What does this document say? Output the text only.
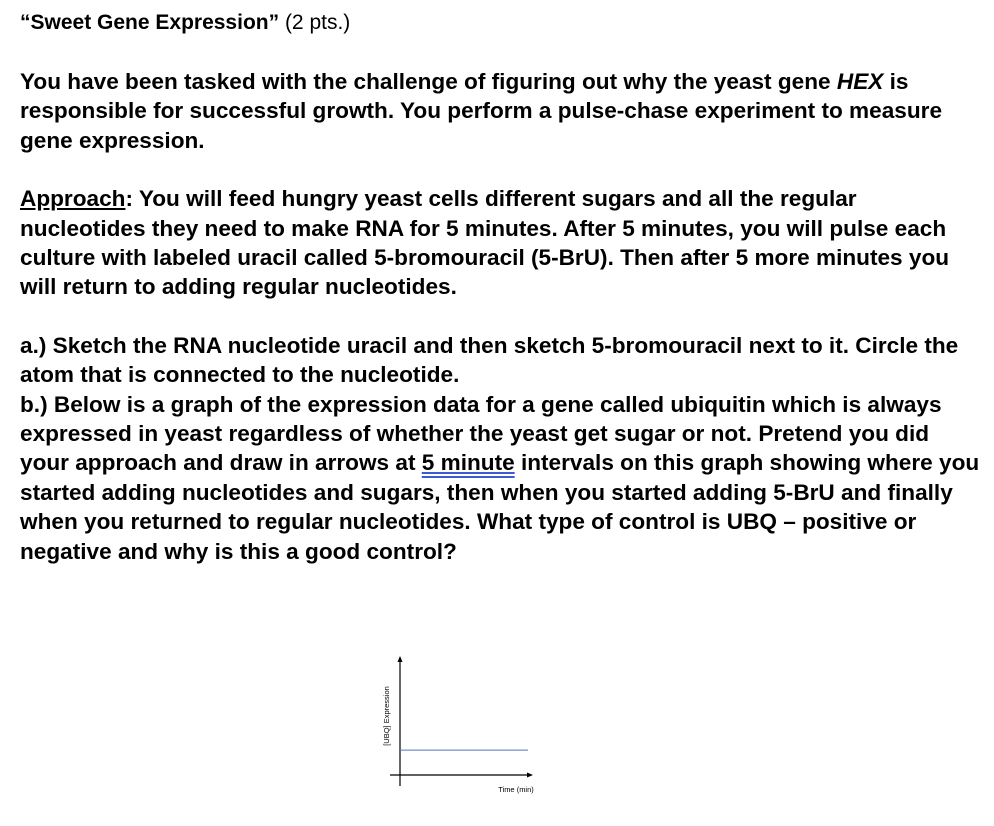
“Sweet Gene Expression” (2 pts.)

You have been tasked with the challenge of figuring out why the yeast gene HEX is responsible for successful growth. You perform a pulse-chase experiment to measure gene expression.

Approach: You will feed hungry yeast cells different sugars and all the regular nucleotides they need to make RNA for 5 minutes. After 5 minutes, you will pulse each culture with labeled uracil called 5-bromouracil (5-BrU). Then after 5 more minutes you will return to adding regular nucleotides.

a.) Sketch the RNA nucleotide uracil and then sketch 5-bromouracil next to it. Circle the atom that is connected to the nucleotide.

b.) Below is a graph of the expression data for a gene called ubiquitin which is always expressed in yeast regardless of whether the yeast get sugar or not. Pretend you did your approach and draw in arrows at 5 minute intervals on this graph showing where you started adding nucleotides and sugars, then when you started adding 5-BrU and finally when you returned to regular nucleotides. What type of control is UBQ – positive or negative and why is this a good control?

[UBQ] Expression
Time (min)
